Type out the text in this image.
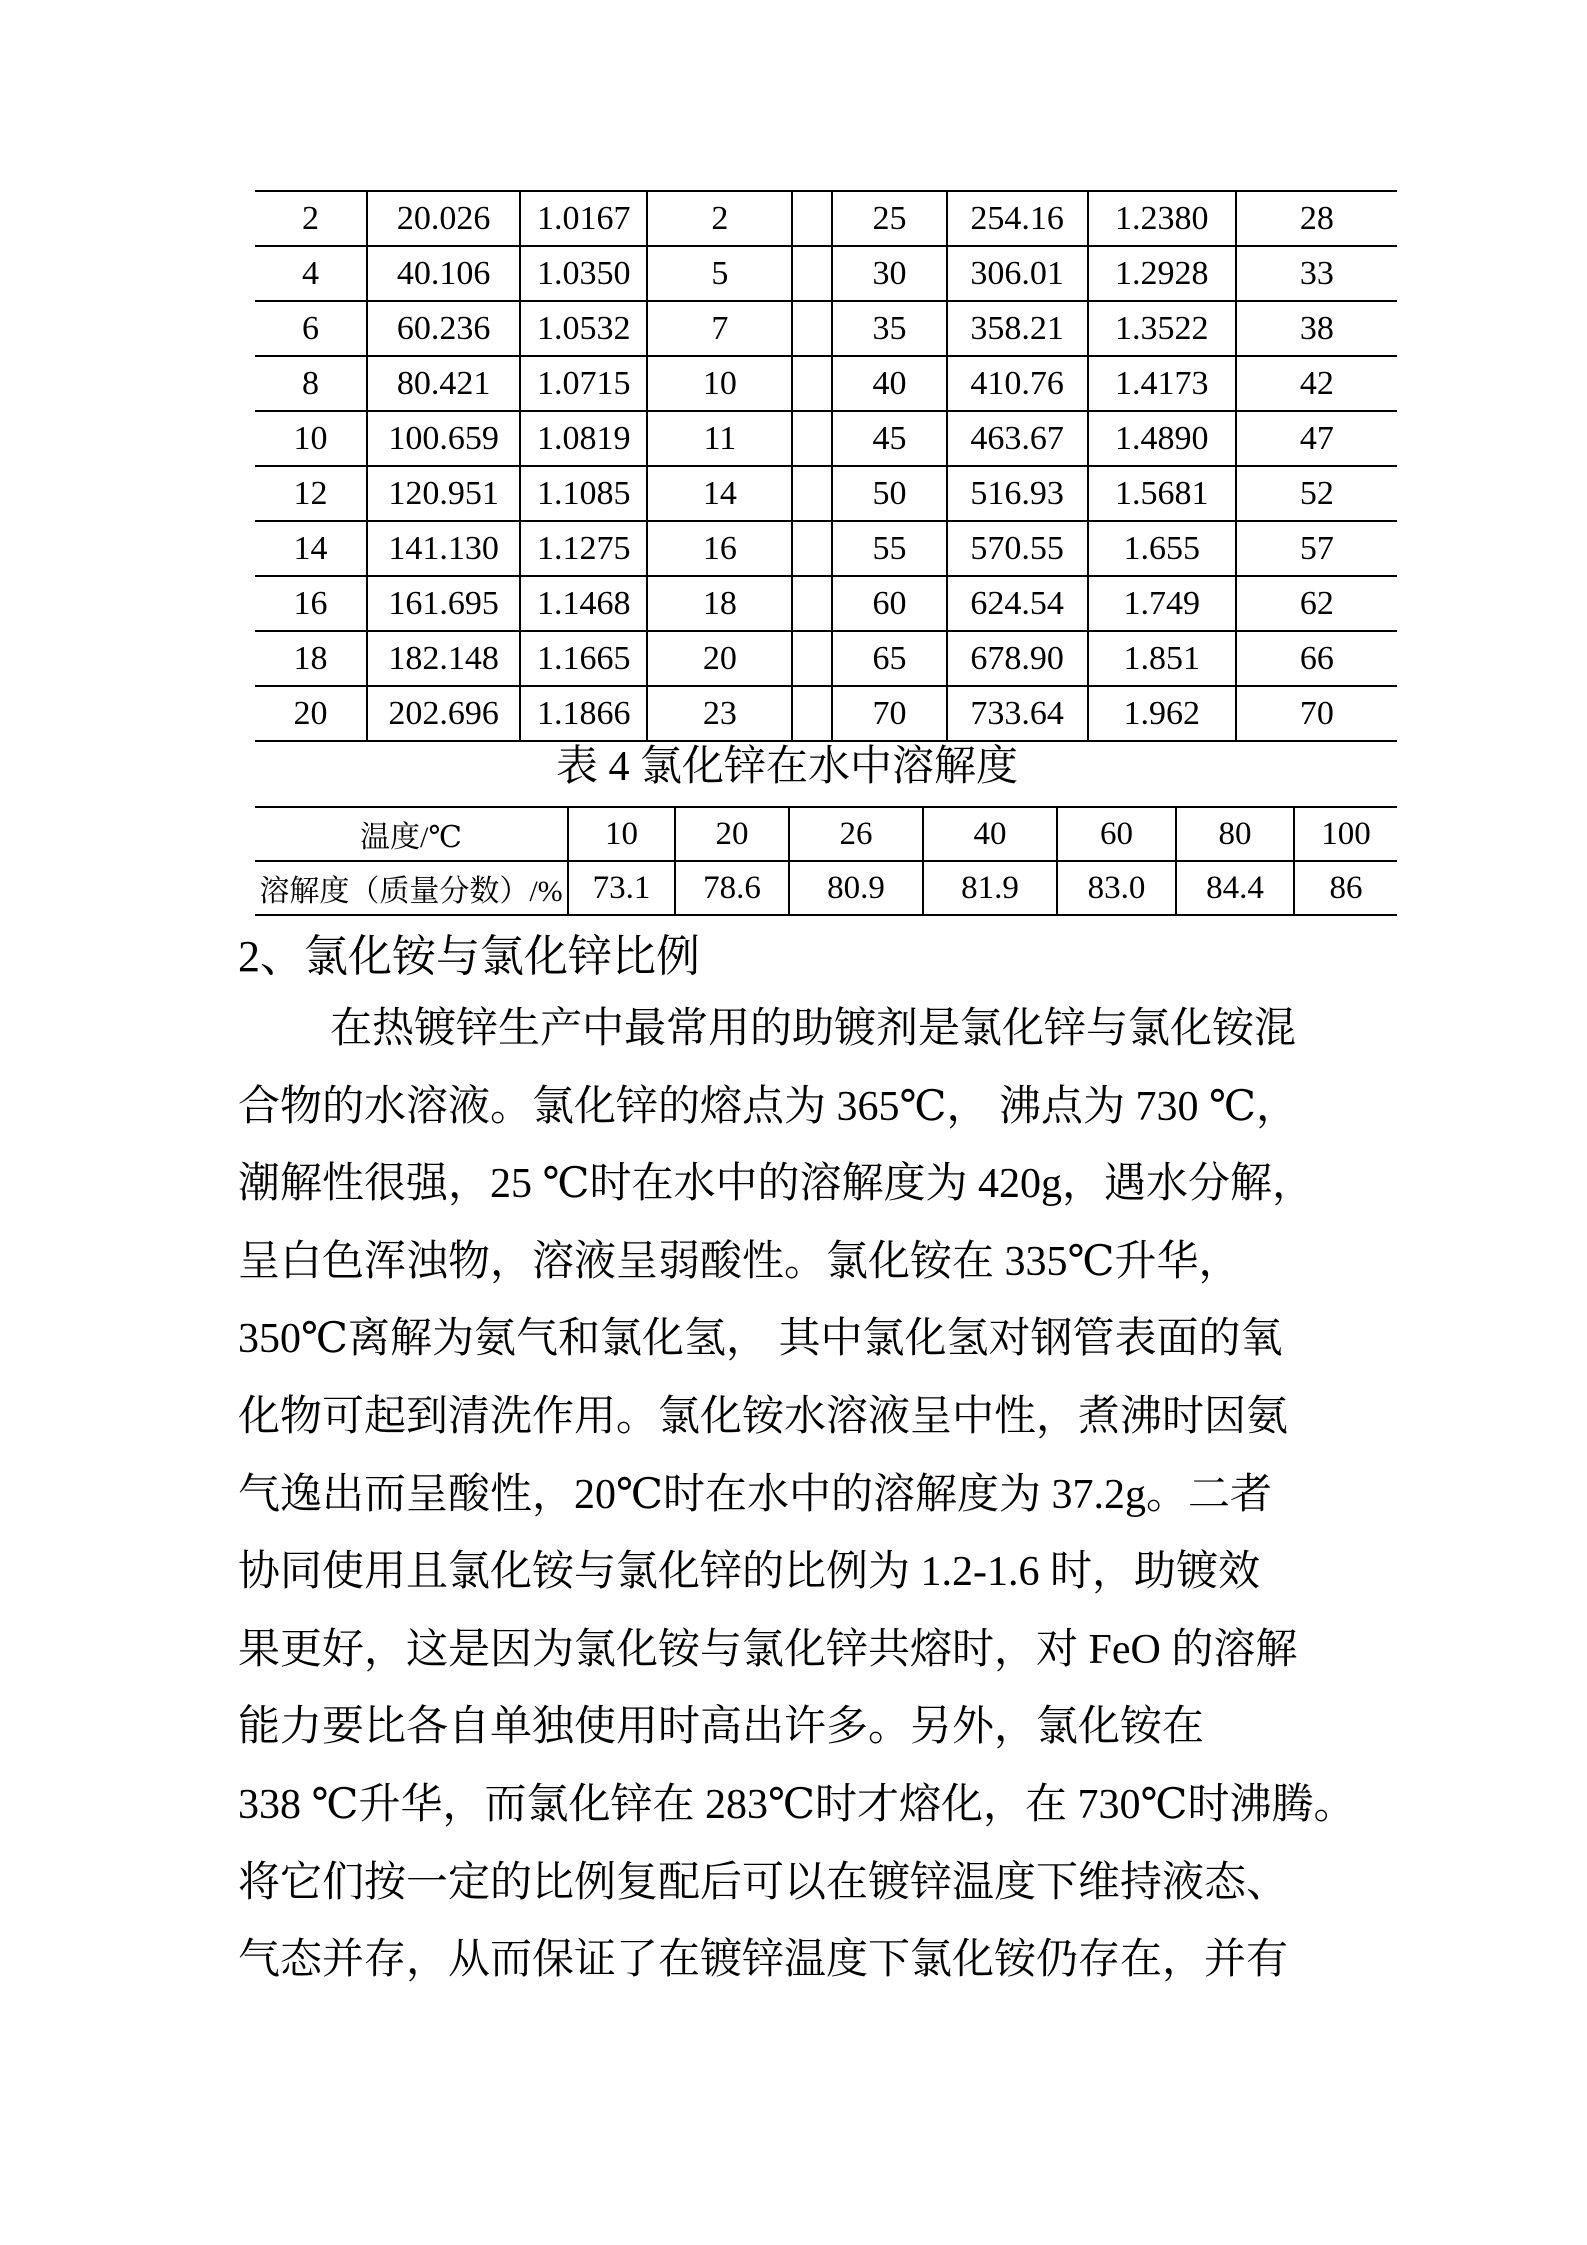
2	20.026	1.0167	2		25	254.16	1.2380	28
4	40.106	1.0350	5		30	306.01	1.2928	33
6	60.236	1.0532	7		35	358.21	1.3522	38
8	80.421	1.0715	10		40	410.76	1.4173	42
10	100.659	1.0819	11		45	463.67	1.4890	47
12	120.951	1.1085	14		50	516.93	1.5681	52
14	141.130	1.1275	16		55	570.55	1.655	57
16	161.695	1.1468	18		60	624.54	1.749	62
18	182.148	1.1665	20		65	678.90	1.851	66
20	202.696	1.1866	23		70	733.64	1.962	70
表 4 氯化锌在水中溶解度
温度/℃	10	20	26	40	60	80	100
溶解度（质量分数）/%	73.1	78.6	80.9	81.9	83.0	84.4	86
2、氯化铵与氯化锌比例
在热镀锌生产中最常用的助镀剂是氯化锌与氯化铵混
合物的水溶液。氯化锌的熔点为 365℃， 沸点为 730 ℃，
潮解性很强，25 ℃时在水中的溶解度为 420g，遇水分解，
呈白色浑浊物，溶液呈弱酸性。氯化铵在 335℃升华，
350℃离解为氨气和氯化氢， 其中氯化氢对钢管表面的氧
化物可起到清洗作用。氯化铵水溶液呈中性，煮沸时因氨
气逸出而呈酸性，20℃时在水中的溶解度为 37.2g。二者
协同使用且氯化铵与氯化锌的比例为 1.2-1.6 时，助镀效
果更好，这是因为氯化铵与氯化锌共熔时，对 FeO 的溶解
能力要比各自单独使用时高出许多。另外，氯化铵在
338 ℃升华，而氯化锌在 283℃时才熔化，在 730℃时沸腾。
将它们按一定的比例复配后可以在镀锌温度下维持液态、
气态并存，从而保证了在镀锌温度下氯化铵仍存在，并有
